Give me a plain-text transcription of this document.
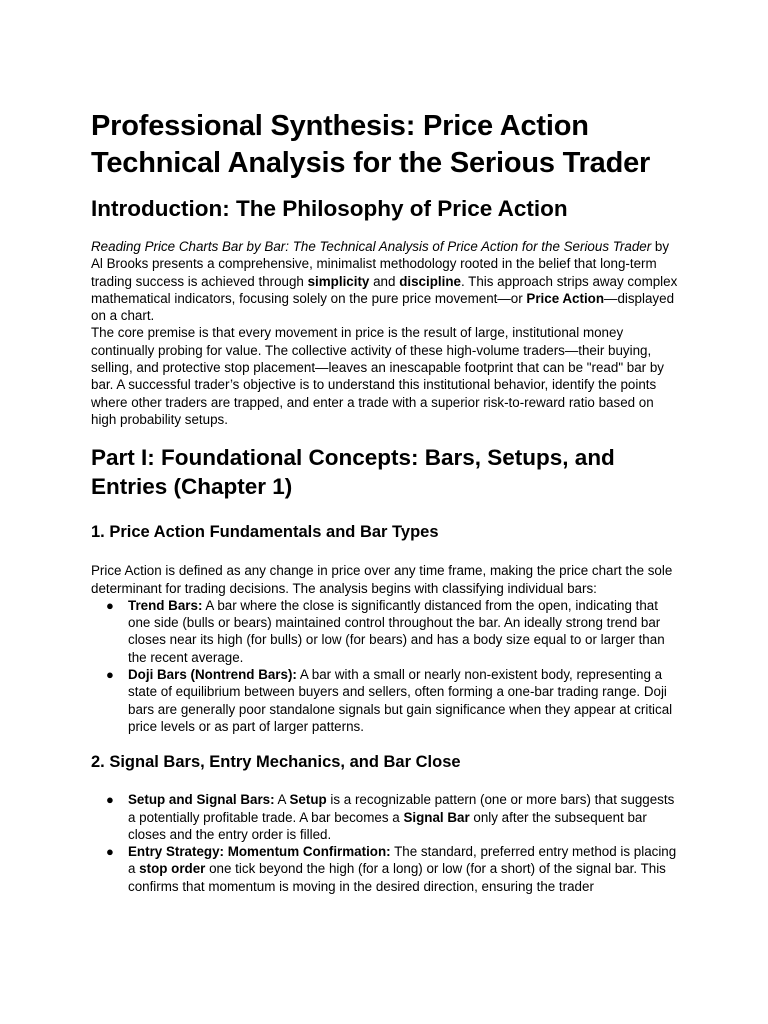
Professional Synthesis: Price Action Technical Analysis for the Serious Trader
Introduction: The Philosophy of Price Action

Reading Price Charts Bar by Bar: The Technical Analysis of Price Action for the Serious Trader by Al Brooks presents a comprehensive, minimalist methodology rooted in the belief that long-term trading success is achieved through simplicity and discipline. This approach strips away complex mathematical indicators, focusing solely on the pure price movement—or Price Action—displayed on a chart.

The core premise is that every movement in price is the result of large, institutional money continually probing for value. The collective activity of these high-volume traders—their buying, selling, and protective stop placement—leaves an inescapable footprint that can be "read" bar by bar. A successful trader’s objective is to understand this institutional behavior, identify the points where other traders are trapped, and enter a trade with a superior risk-to-reward ratio based on high probability setups.

Part I: Foundational Concepts: Bars, Setups, and Entries (Chapter 1)
1. Price Action Fundamentals and Bar Types

Price Action is defined as any change in price over any time frame, making the price chart the sole determinant for trading decisions. The analysis begins with classifying individual bars:

● Trend Bars: A bar where the close is significantly distanced from the open, indicating that one side (bulls or bears) maintained control throughout the bar. An ideally strong trend bar closes near its high (for bulls) or low (for bears) and has a body size equal to or larger than the recent average.
● Doji Bars (Nontrend Bars): A bar with a small or nearly non-existent body, representing a state of equilibrium between buyers and sellers, often forming a one-bar trading range. Doji bars are generally poor standalone signals but gain significance when they appear at critical price levels or as part of larger patterns.
2. Signal Bars, Entry Mechanics, and Bar Close
● Setup and Signal Bars: A Setup is a recognizable pattern (one or more bars) that suggests a potentially profitable trade. A bar becomes a Signal Bar only after the subsequent bar closes and the entry order is filled.
● Entry Strategy: Momentum Confirmation: The standard, preferred entry method is placing a stop order one tick beyond the high (for a long) or low (for a short) of the signal bar. This confirms that momentum is moving in the desired direction, ensuring the trader
